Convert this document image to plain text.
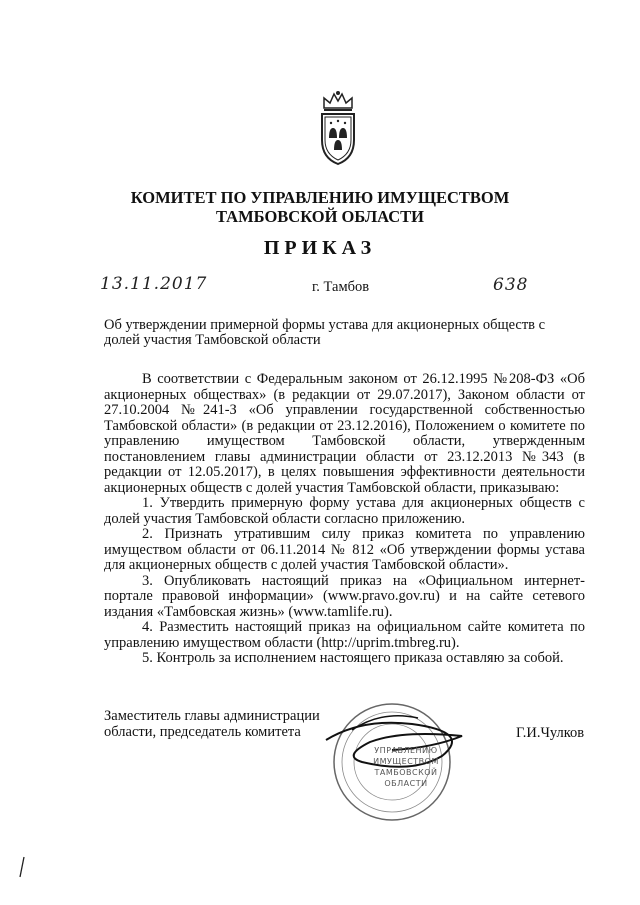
КОМИТЕТ ПО УПРАВЛЕНИЮ ИМУЩЕСТВОМ
ТАМБОВСКОЙ ОБЛАСТИ
ПРИКАЗ
13.11.2017	г. Тамбов	638
Об утверждении примерной формы устава для акционерных обществ с долей участия Тамбовской области

В соответствии с Федеральным законом от 26.12.1995 №208-ФЗ «Об акционерных обществах» (в редакции от 29.07.2017), Законом области от 27.10.2004 №241-З «Об управлении государственной собственностью Тамбовской области» (в редакции от 23.12.2016), Положением о комитете по управлению имуществом Тамбовской области, утвержденным постановлением главы администрации области от 23.12.2013 №343 (в редакции от 12.05.2017), в целях повышения эффективности деятельности акционерных обществ с долей участия Тамбовской области, приказываю:

1. Утвердить примерную форму устава для акционерных обществ с долей участия Тамбовской области согласно приложению.

2. Признать утратившим силу приказ комитета по управлению имуществом области от 06.11.2014 № 812 «Об утверждении формы устава для акционерных обществ с долей участия Тамбовской области».

3. Опубликовать настоящий приказ на «Официальном интернет-портале правовой информации» (www.pravo.gov.ru) и на сайте сетевого издания «Тамбовская жизнь» (www.tamlife.ru).

4. Разместить настоящий приказ на официальном сайте комитета по управлению имуществом области (http://uprim.tmbreg.ru).

5. Контроль за исполнением настоящего приказа оставляю за собой.

Заместитель главы администрации

области, председатель комитета

УПРАВЛЕНИЮ
ИМУЩЕСТВОМ
ТАМБОВСКОЙ
ОБЛАСТИ
Г.И.Чулков
